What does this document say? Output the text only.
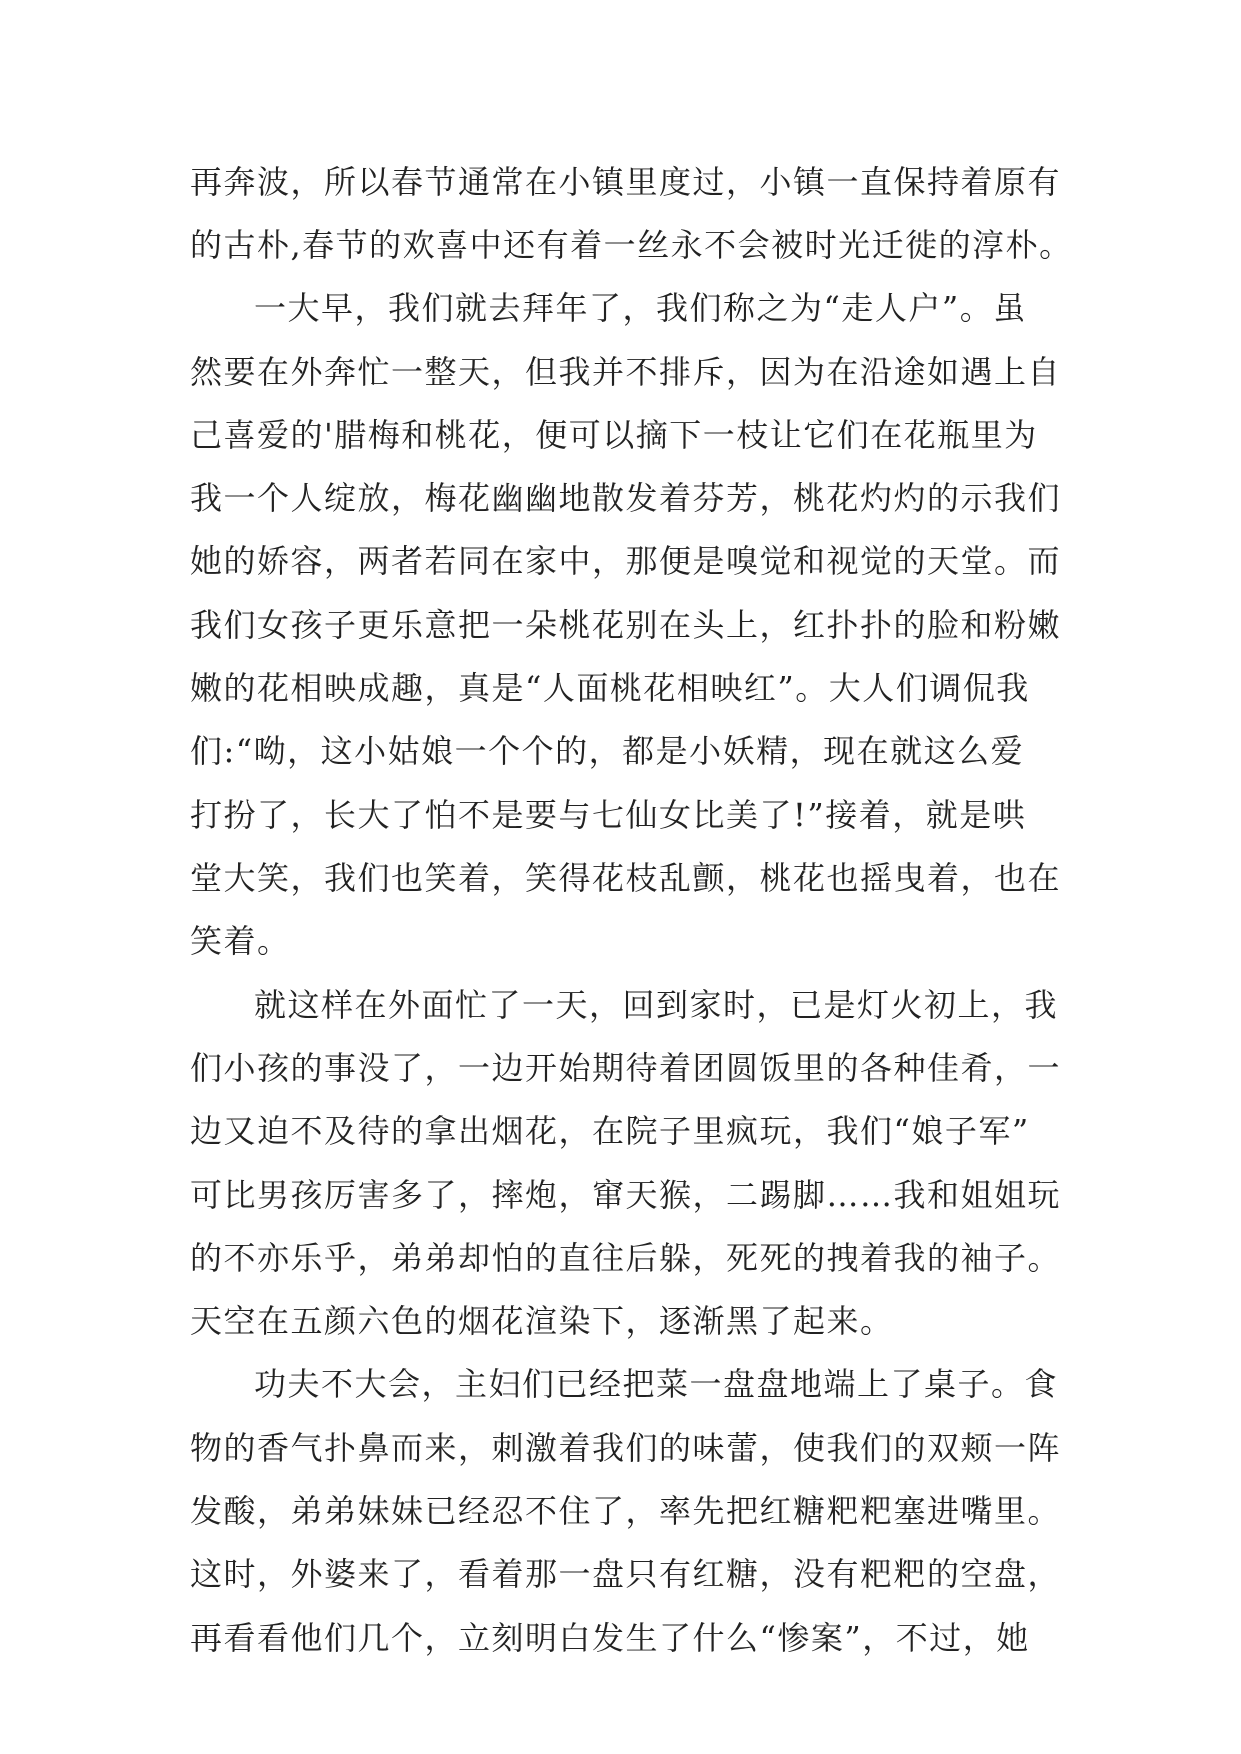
再奔波，所以春节通常在小镇里度过，小镇一直保持着原有
的古朴,春节的欢喜中还有着一丝永不会被时光迁徙的淳朴。
一大早，我们就去拜年了，我们称之为“走人户”。虽
然要在外奔忙一整天，但我并不排斥，因为在沿途如遇上自
己喜爱的'腊梅和桃花，便可以摘下一枝让它们在花瓶里为
我一个人绽放，梅花幽幽地散发着芬芳，桃花灼灼的示我们
她的娇容，两者若同在家中，那便是嗅觉和视觉的天堂。而
我们女孩子更乐意把一朵桃花别在头上，红扑扑的脸和粉嫩
嫩的花相映成趣，真是“人面桃花相映红”。大人们调侃我
们:“呦，这小姑娘一个个的，都是小妖精，现在就这么爱
打扮了，长大了怕不是要与七仙女比美了!”接着，就是哄
堂大笑，我们也笑着，笑得花枝乱颤，桃花也摇曳着，也在
笑着。
就这样在外面忙了一天，回到家时，已是灯火初上，我
们小孩的事没了，一边开始期待着团圆饭里的各种佳肴，一
边又迫不及待的拿出烟花，在院子里疯玩，我们“娘子军”
可比男孩厉害多了，摔炮，窜天猴，二踢脚……我和姐姐玩
的不亦乐乎，弟弟却怕的直往后躲，死死的拽着我的袖子。
天空在五颜六色的烟花渲染下，逐渐黑了起来。
功夫不大会，主妇们已经把菜一盘盘地端上了桌子。食
物的香气扑鼻而来，刺激着我们的味蕾，使我们的双颊一阵
发酸，弟弟妹妹已经忍不住了，率先把红糖粑粑塞进嘴里。
这时，外婆来了，看着那一盘只有红糖，没有粑粑的空盘，
再看看他们几个，立刻明白发生了什么“惨案”，不过，她
